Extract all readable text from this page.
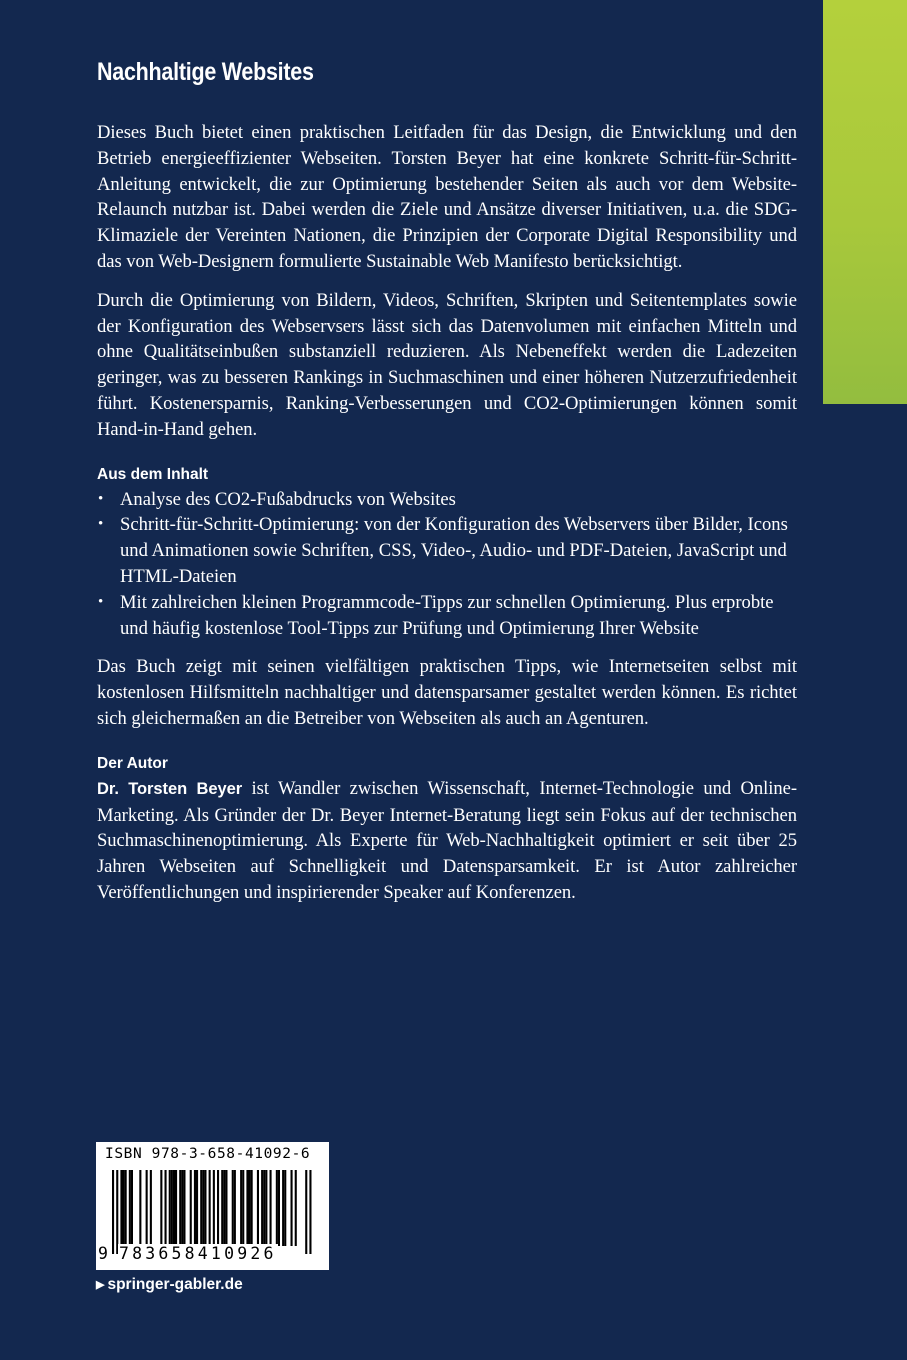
Nachhaltige Websites

Dieses Buch bietet einen praktischen Leitfaden für das Design, die Entwicklung und den Betrieb energieeffizienter Webseiten. Torsten Beyer hat eine konkrete Schritt-für-Schritt-Anleitung entwickelt, die zur Optimierung bestehender Seiten als auch vor dem Website-Relaunch nutzbar ist. Dabei werden die Ziele und Ansätze diverser Initiativen, u.a. die SDG-Klimaziele der Vereinten Nationen, die Prinzipien der Corporate Digital Responsibility und das von Web-Designern formulierte Sustainable Web Manifesto berücksichtigt.

Durch die Optimierung von Bildern, Videos, Schriften, Skripten und Seitentemplates sowie der Konfiguration des Webservsers lässt sich das Datenvolumen mit einfachen Mitteln und ohne Qualitätseinbußen substanziell reduzieren. Als Nebeneffekt werden die Ladezeiten geringer, was zu besseren Rankings in Suchmaschinen und einer höheren Nutzerzufriedenheit führt. Kostenersparnis, Ranking-Verbesserungen und CO2-Optimierungen können somit Hand-in-Hand gehen.

Aus dem Inhalt
• Analyse des CO2-Fußabdrucks von Websites
• Schritt-für-Schritt-Optimierung: von der Konfiguration des Webservers über Bilder, Icons und Animationen sowie Schriften, CSS, Video-, Audio- und PDF-Dateien, JavaScript und HTML-Dateien
• Mit zahlreichen kleinen Programmcode-Tipps zur schnellen Optimierung. Plus erprobte und häufig kostenlose Tool-Tipps zur Prüfung und Optimierung Ihrer Website

Das Buch zeigt mit seinen vielfältigen praktischen Tipps, wie Internetseiten selbst mit kostenlosen Hilfsmitteln nachhaltiger und datensparsamer gestaltet werden können. Es richtet sich gleichermaßen an die Betreiber von Webseiten als auch an Agenturen.

Der Autor

Dr. Torsten Beyer ist Wandler zwischen Wissenschaft, Internet-Technologie und Online-Marketing. Als Gründer der Dr. Beyer Internet-Beratung liegt sein Fokus auf der technischen Suchmaschinenoptimierung. Als Experte für Web-Nachhaltigkeit optimiert er seit über 25 Jahren Webseiten auf Schnelligkeit und Datensparsamkeit. Er ist Autor zahlreicher Veröffentlichungen und inspirierender Speaker auf Konferenzen.

ISBN 978-3-658-41092-6
9 783658410926
▶ springer-gabler.de
